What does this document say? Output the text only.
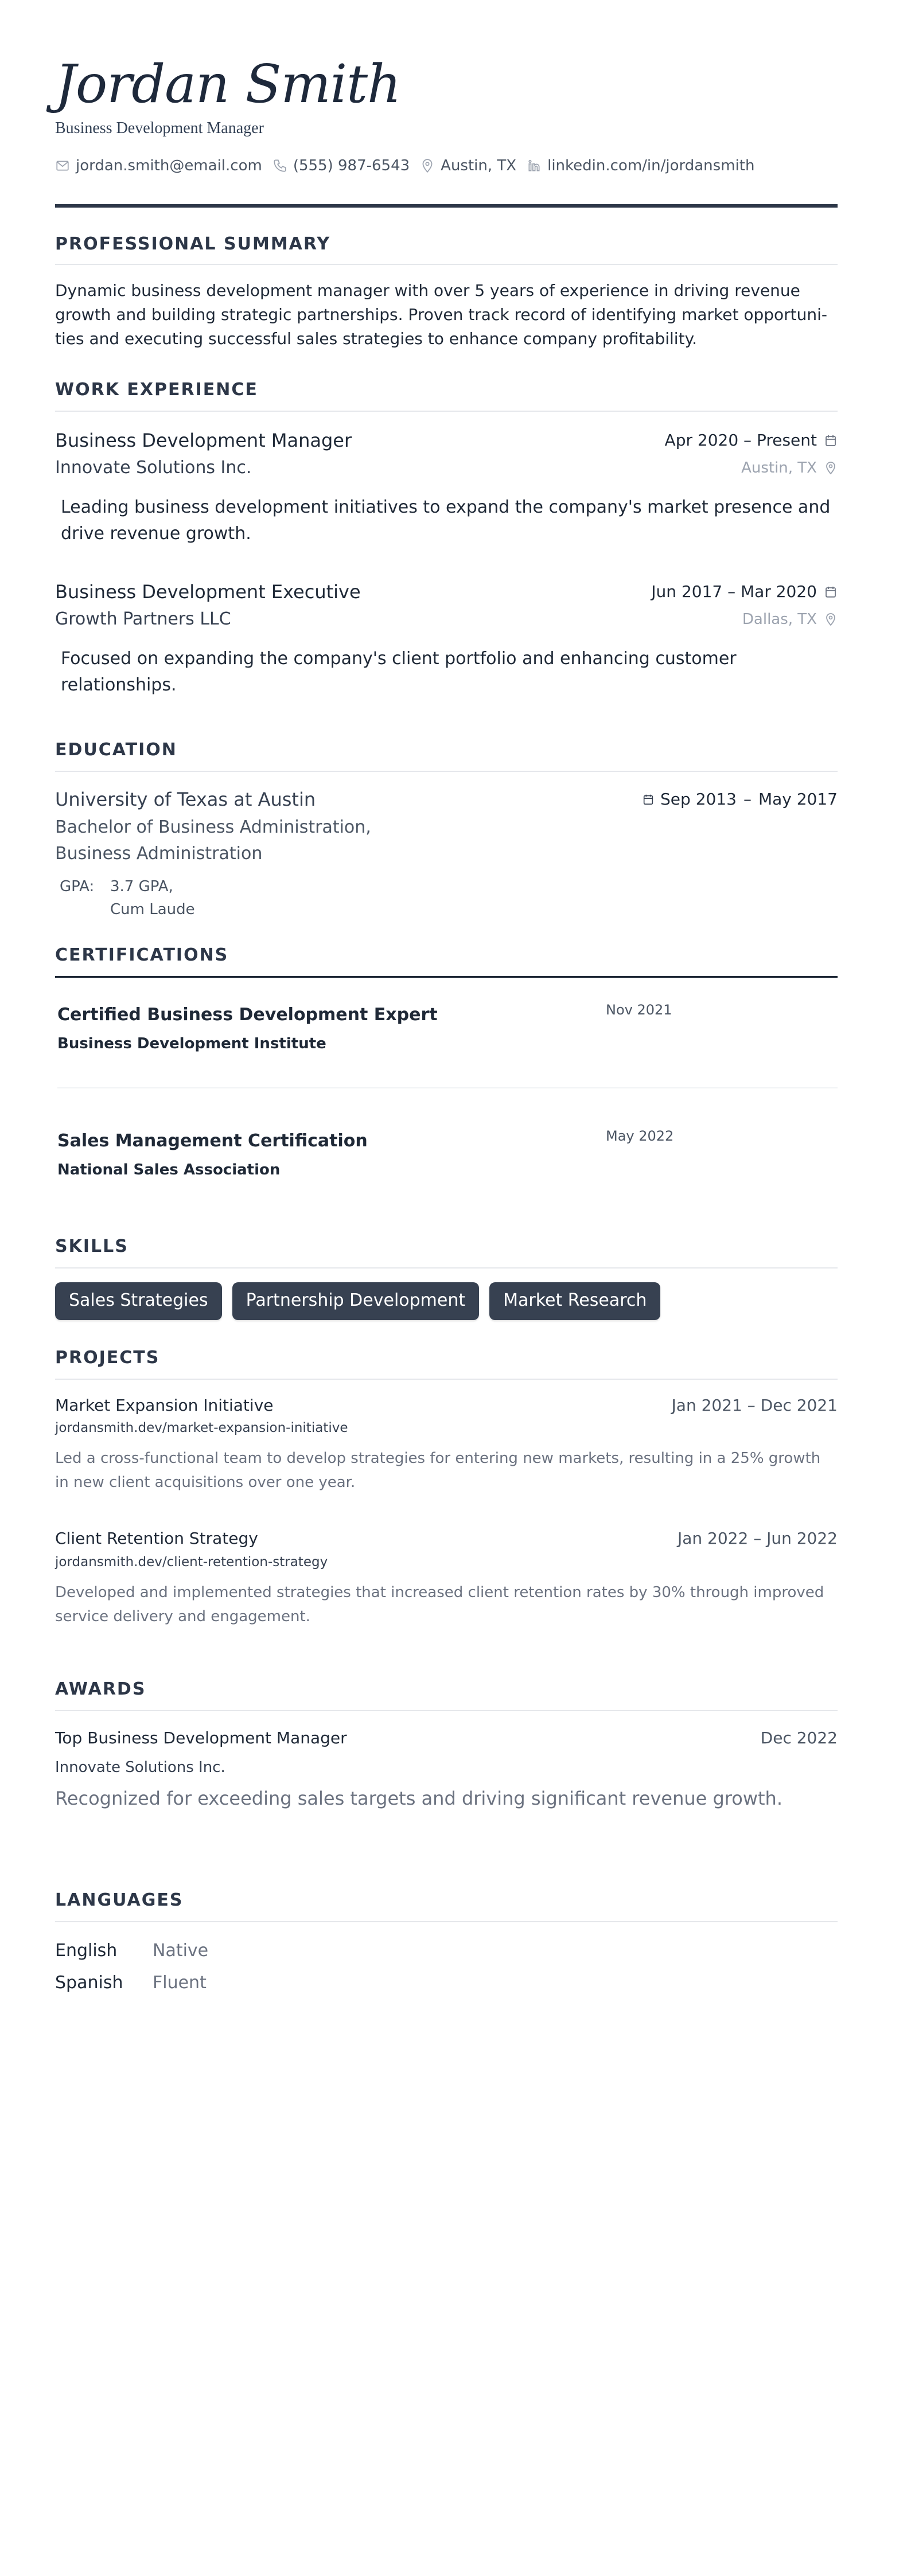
Jordan Smith
Business Development Manager
jordan.smith@email.com (555) 987-6543 Austin, TX linkedin.com/in/jordansmith
PROFESSIONAL SUMMARY
Dynamic business development manager with over 5 years of experience in driving revenue
growth and building strategic partnerships. Proven track record of identifying market opportuni-
ties and executing successful sales strategies to enhance company profitability.
WORK EXPERIENCE
Business Development Manager	Apr 2020 – Present
Innovate Solutions Inc.	Austin, TX
Leading business development initiatives to expand the company's market presence and drive revenue growth.
Business Development Executive	Jun 2017 – Mar 2020
Growth Partners LLC	Dallas, TX
Focused on expanding the company's client portfolio and enhancing customer relationships.
EDUCATION
University of Texas at Austin	Sep 2013 – May 2017
Bachelor of Business Administration,
Business Administration
GPA:	3.7 GPA,
Cum Laude
CERTIFICATIONS
Certified Business Development Expert	Nov 2021
Business Development Institute
Sales Management Certification	May 2022
National Sales Association
SKILLS
Sales Strategies	Partnership Development	Market Research
PROJECTS
Market Expansion Initiative	Jan 2021 – Dec 2021
jordansmith.dev/market-expansion-initiative
Led a cross-functional team to develop strategies for entering new markets, resulting in a 25% growth in new client acquisitions over one year.
Client Retention Strategy	Jan 2022 – Jun 2022
jordansmith.dev/client-retention-strategy
Developed and implemented strategies that increased client retention rates by 30% through improved service delivery and engagement.
AWARDS
Top Business Development Manager	Dec 2022
Innovate Solutions Inc.
Recognized for exceeding sales targets and driving significant revenue growth.
LANGUAGES
English	Native
Spanish	Fluent
